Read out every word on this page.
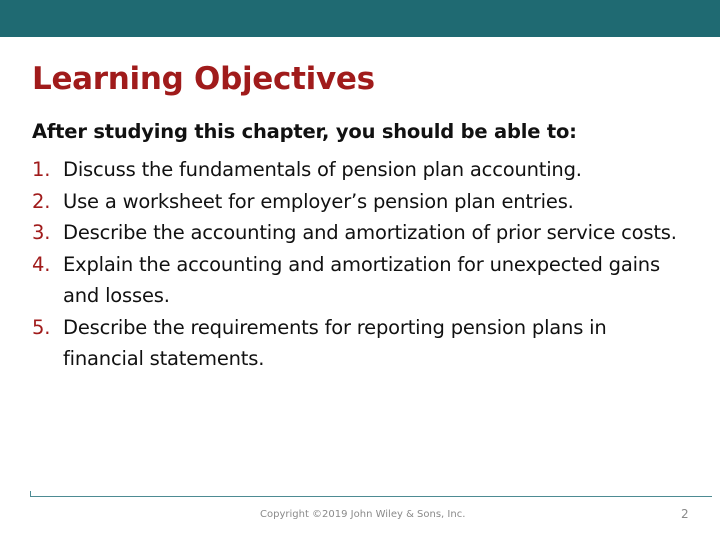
Learning Objectives
After studying this chapter, you should be able to:
1. Discuss the fundamentals of pension plan accounting.
2. Use a worksheet for employer’s pension plan entries.
3. Describe the accounting and amortization of prior service costs.
4. Explain the accounting and amortization for unexpected gains and losses.
5. Describe the requirements for reporting pension plans in financial statements.
Copyright ©2019 John Wiley & Sons, Inc.	2
